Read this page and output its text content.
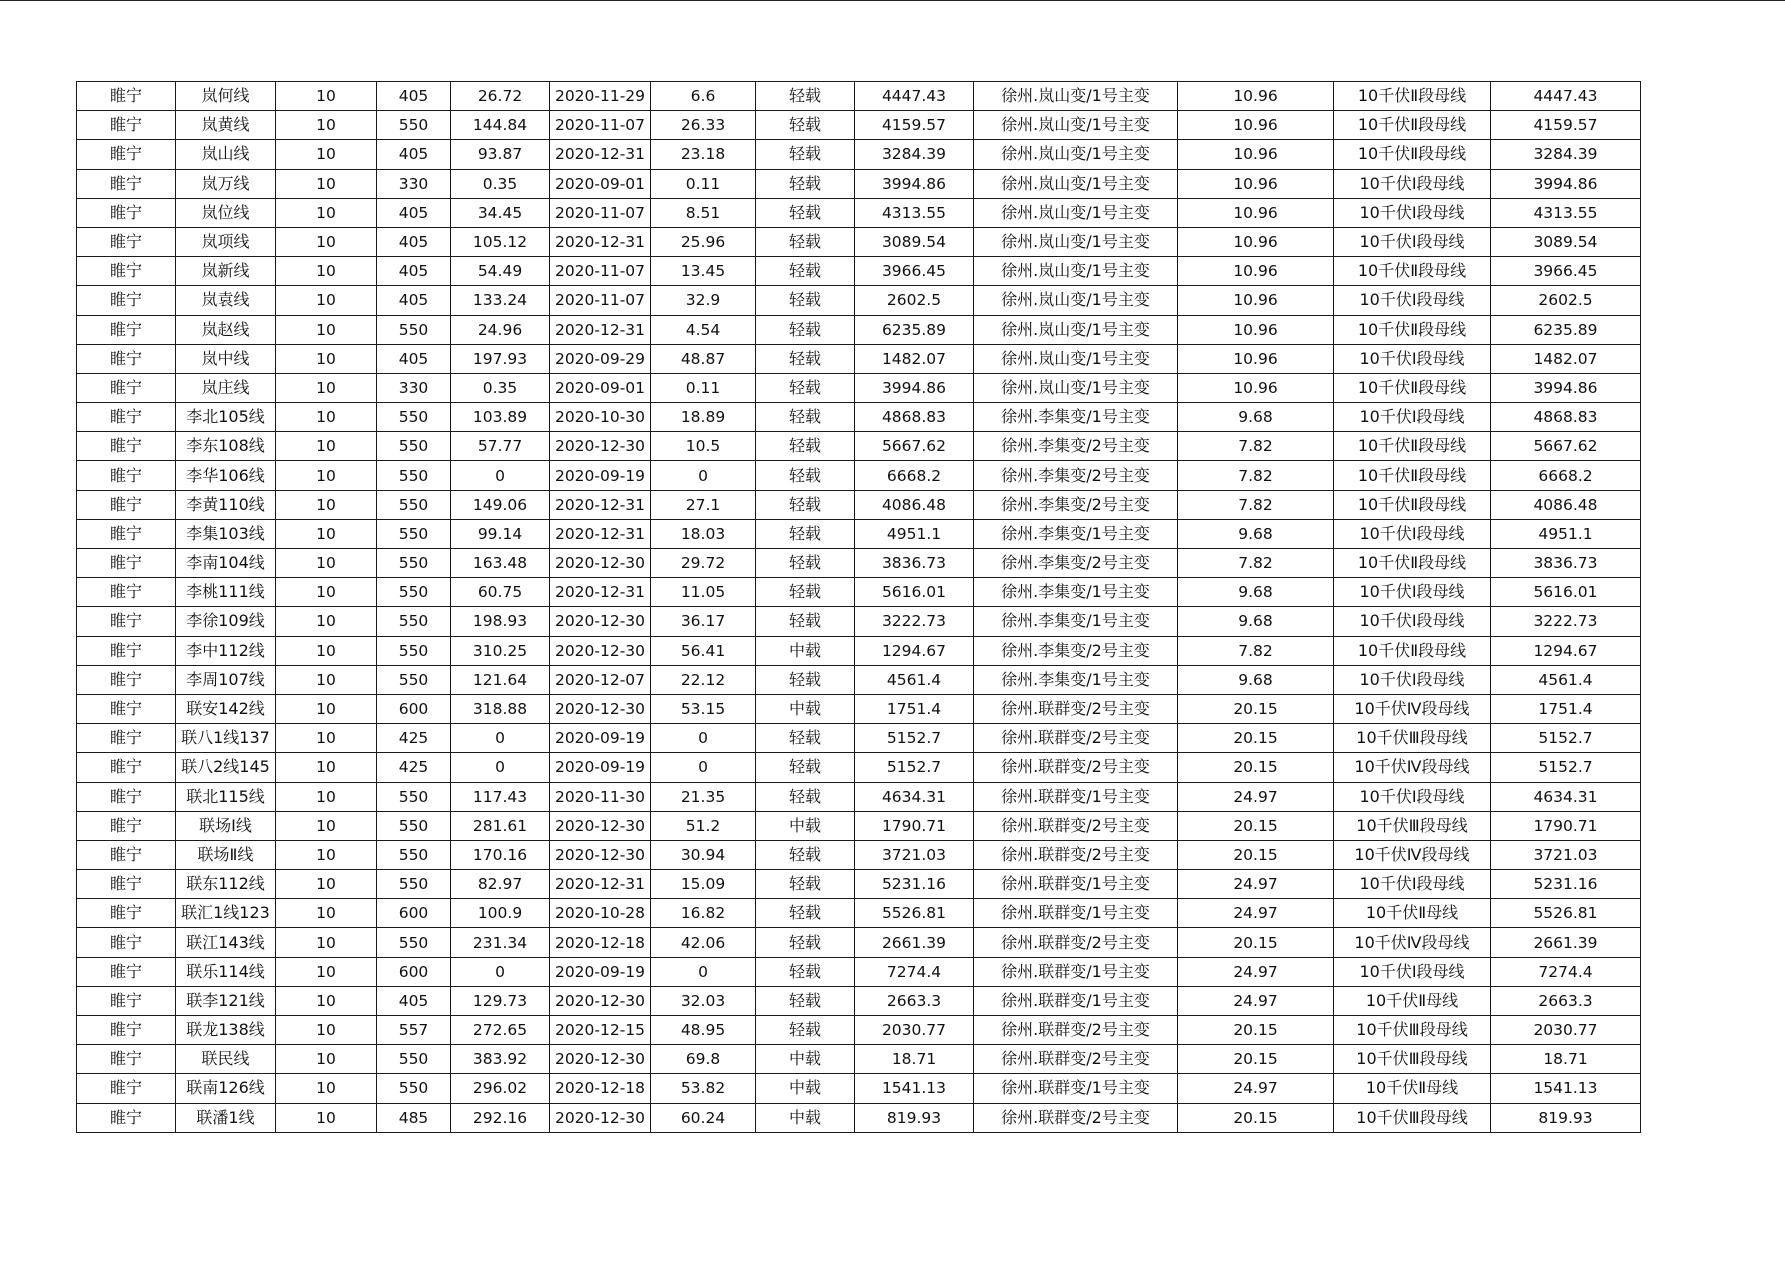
睢宁	岚何线	10	405	26.72	2020-11-29	6.6	轻载	4447.43	徐州.岚山变/1号主变	10.96	10千伏Ⅱ段母线	4447.43
睢宁	岚黄线	10	550	144.84	2020-11-07	26.33	轻载	4159.57	徐州.岚山变/1号主变	10.96	10千伏Ⅱ段母线	4159.57
睢宁	岚山线	10	405	93.87	2020-12-31	23.18	轻载	3284.39	徐州.岚山变/1号主变	10.96	10千伏Ⅱ段母线	3284.39
睢宁	岚万线	10	330	0.35	2020-09-01	0.11	轻载	3994.86	徐州.岚山变/1号主变	10.96	10千伏Ⅰ段母线	3994.86
睢宁	岚位线	10	405	34.45	2020-11-07	8.51	轻载	4313.55	徐州.岚山变/1号主变	10.96	10千伏Ⅰ段母线	4313.55
睢宁	岚项线	10	405	105.12	2020-12-31	25.96	轻载	3089.54	徐州.岚山变/1号主变	10.96	10千伏Ⅰ段母线	3089.54
睢宁	岚新线	10	405	54.49	2020-11-07	13.45	轻载	3966.45	徐州.岚山变/1号主变	10.96	10千伏Ⅱ段母线	3966.45
睢宁	岚袁线	10	405	133.24	2020-11-07	32.9	轻载	2602.5	徐州.岚山变/1号主变	10.96	10千伏Ⅰ段母线	2602.5
睢宁	岚赵线	10	550	24.96	2020-12-31	4.54	轻载	6235.89	徐州.岚山变/1号主变	10.96	10千伏Ⅱ段母线	6235.89
睢宁	岚中线	10	405	197.93	2020-09-29	48.87	轻载	1482.07	徐州.岚山变/1号主变	10.96	10千伏Ⅰ段母线	1482.07
睢宁	岚庄线	10	330	0.35	2020-09-01	0.11	轻载	3994.86	徐州.岚山变/1号主变	10.96	10千伏Ⅱ段母线	3994.86
睢宁	李北105线	10	550	103.89	2020-10-30	18.89	轻载	4868.83	徐州.李集变/1号主变	9.68	10千伏Ⅰ段母线	4868.83
睢宁	李东108线	10	550	57.77	2020-12-30	10.5	轻载	5667.62	徐州.李集变/2号主变	7.82	10千伏Ⅱ段母线	5667.62
睢宁	李华106线	10	550	0	2020-09-19	0	轻载	6668.2	徐州.李集变/2号主变	7.82	10千伏Ⅱ段母线	6668.2
睢宁	李黄110线	10	550	149.06	2020-12-31	27.1	轻载	4086.48	徐州.李集变/2号主变	7.82	10千伏Ⅱ段母线	4086.48
睢宁	李集103线	10	550	99.14	2020-12-31	18.03	轻载	4951.1	徐州.李集变/1号主变	9.68	10千伏Ⅰ段母线	4951.1
睢宁	李南104线	10	550	163.48	2020-12-30	29.72	轻载	3836.73	徐州.李集变/2号主变	7.82	10千伏Ⅱ段母线	3836.73
睢宁	李桃111线	10	550	60.75	2020-12-31	11.05	轻载	5616.01	徐州.李集变/1号主变	9.68	10千伏Ⅰ段母线	5616.01
睢宁	李徐109线	10	550	198.93	2020-12-30	36.17	轻载	3222.73	徐州.李集变/1号主变	9.68	10千伏Ⅰ段母线	3222.73
睢宁	李中112线	10	550	310.25	2020-12-30	56.41	中载	1294.67	徐州.李集变/2号主变	7.82	10千伏Ⅱ段母线	1294.67
睢宁	李周107线	10	550	121.64	2020-12-07	22.12	轻载	4561.4	徐州.李集变/1号主变	9.68	10千伏Ⅰ段母线	4561.4
睢宁	联安142线	10	600	318.88	2020-12-30	53.15	中载	1751.4	徐州.联群变/2号主变	20.15	10千伏Ⅳ段母线	1751.4
睢宁	联八1线137	10	425	0	2020-09-19	0	轻载	5152.7	徐州.联群变/2号主变	20.15	10千伏Ⅲ段母线	5152.7
睢宁	联八2线145	10	425	0	2020-09-19	0	轻载	5152.7	徐州.联群变/2号主变	20.15	10千伏Ⅳ段母线	5152.7
睢宁	联北115线	10	550	117.43	2020-11-30	21.35	轻载	4634.31	徐州.联群变/1号主变	24.97	10千伏Ⅰ段母线	4634.31
睢宁	联场Ⅰ线	10	550	281.61	2020-12-30	51.2	中载	1790.71	徐州.联群变/2号主变	20.15	10千伏Ⅲ段母线	1790.71
睢宁	联场Ⅱ线	10	550	170.16	2020-12-30	30.94	轻载	3721.03	徐州.联群变/2号主变	20.15	10千伏Ⅳ段母线	3721.03
睢宁	联东112线	10	550	82.97	2020-12-31	15.09	轻载	5231.16	徐州.联群变/1号主变	24.97	10千伏Ⅰ段母线	5231.16
睢宁	联汇1线123	10	600	100.9	2020-10-28	16.82	轻载	5526.81	徐州.联群变/1号主变	24.97	10千伏Ⅱ母线	5526.81
睢宁	联江143线	10	550	231.34	2020-12-18	42.06	轻载	2661.39	徐州.联群变/2号主变	20.15	10千伏Ⅳ段母线	2661.39
睢宁	联乐114线	10	600	0	2020-09-19	0	轻载	7274.4	徐州.联群变/1号主变	24.97	10千伏Ⅰ段母线	7274.4
睢宁	联李121线	10	405	129.73	2020-12-30	32.03	轻载	2663.3	徐州.联群变/1号主变	24.97	10千伏Ⅱ母线	2663.3
睢宁	联龙138线	10	557	272.65	2020-12-15	48.95	轻载	2030.77	徐州.联群变/2号主变	20.15	10千伏Ⅲ段母线	2030.77
睢宁	联民线	10	550	383.92	2020-12-30	69.8	中载	18.71	徐州.联群变/2号主变	20.15	10千伏Ⅲ段母线	18.71
睢宁	联南126线	10	550	296.02	2020-12-18	53.82	中载	1541.13	徐州.联群变/1号主变	24.97	10千伏Ⅱ母线	1541.13
睢宁	联潘1线	10	485	292.16	2020-12-30	60.24	中载	819.93	徐州.联群变/2号主变	20.15	10千伏Ⅲ段母线	819.93
